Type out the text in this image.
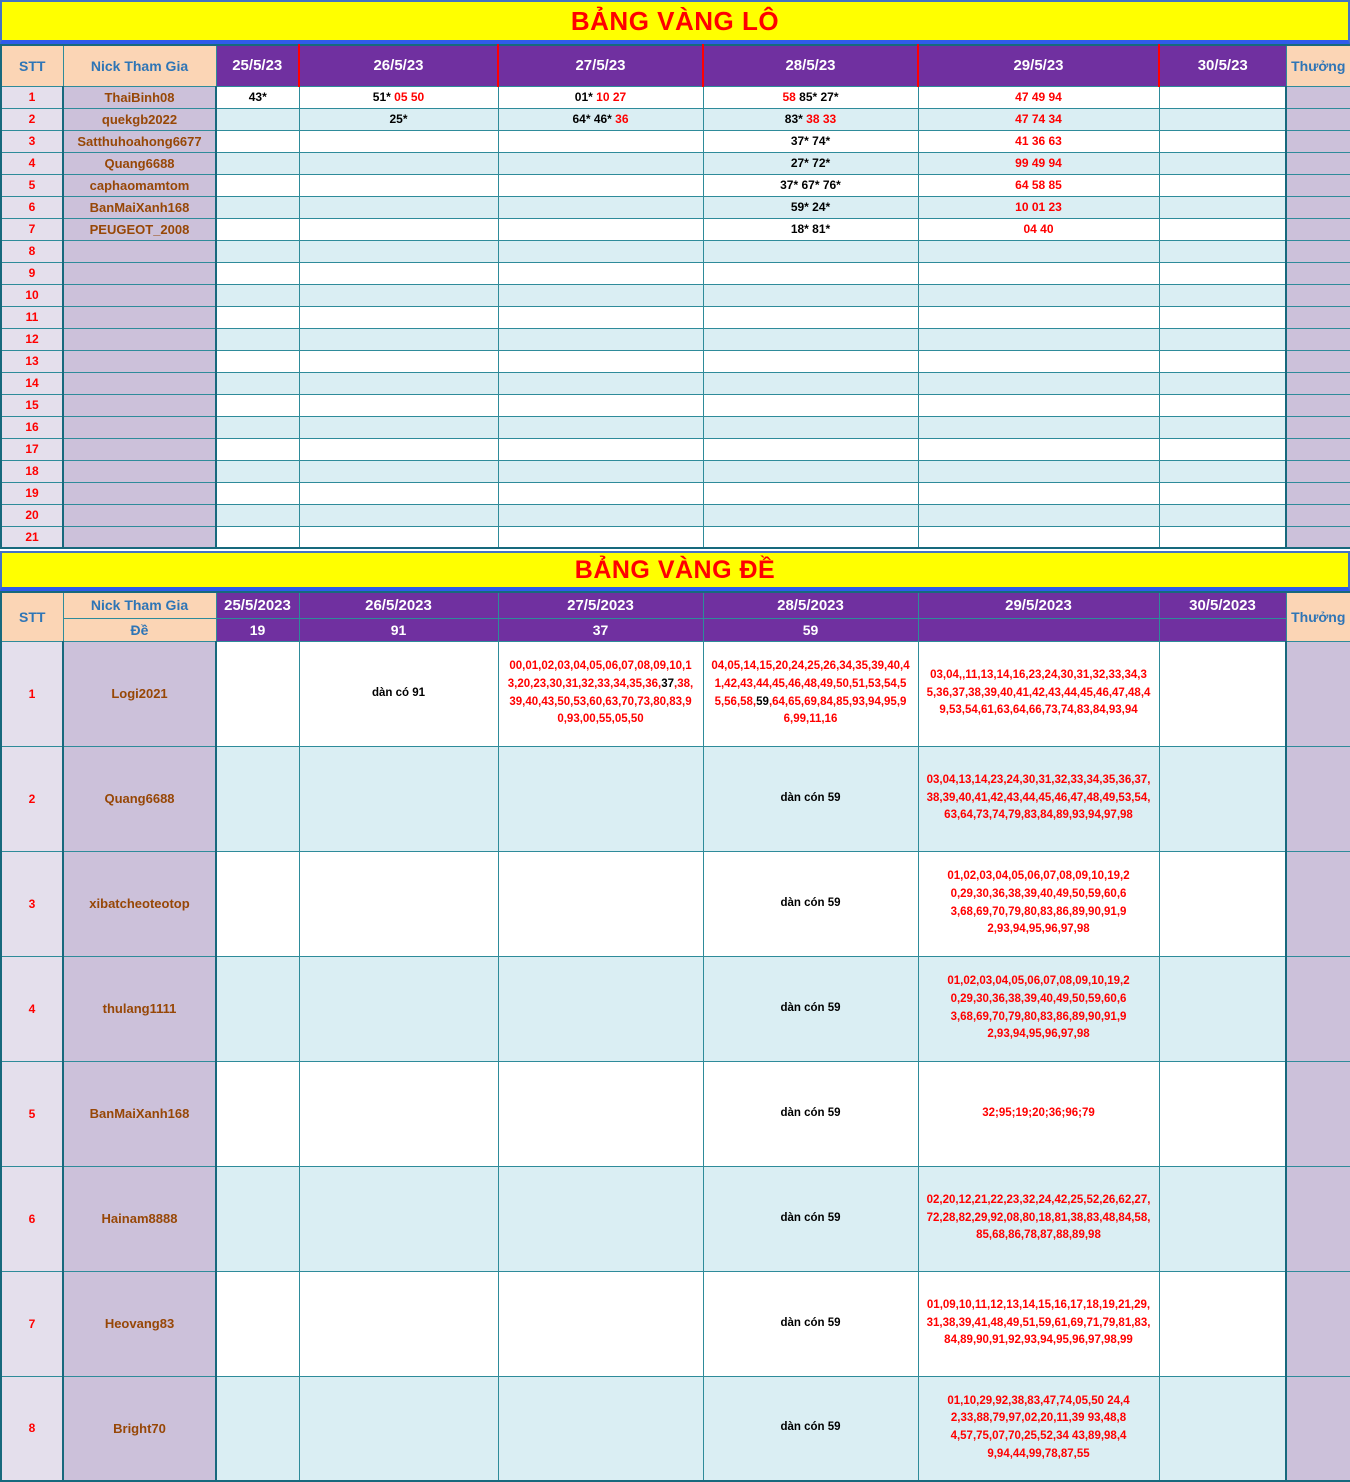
BẢNG VÀNG LÔ
STT	Nick Tham Gia	25/5/23	26/5/23	27/5/23	28/5/23	29/5/23	30/5/23	Thưởng
1	ThaiBinh08	43*	51* 05 50	01* 10 27	58 85* 27*	47 49 94		
2	quekgb2022		25*	64* 46* 36	83* 38 33	47 74 34		
3	Satthuhoahong6677				37* 74*	41 36 63		
4	Quang6688				27* 72*	99 49 94		
5	caphaomamtom				37* 67* 76*	64 58 85		
6	BanMaiXanh168				59* 24*	10 01 23		
7	PEUGEOT_2008				18* 81*	04 40		
8								
9								
10								
11								
12								
13								
14								
15								
16								
17								
18								
19								
20								
21								
BẢNG VÀNG ĐỀ
STT	Nick Tham Gia	25/5/2023	26/5/2023	27/5/2023	28/5/2023	29/5/2023	30/5/2023	Thưởng
	Đề	19	91	37	59			
1	Logi2021		dàn có 91	00,01,02,03,04,05,06,07,08,09,10,13,20,23,30,31,32,33,34,35,36,37,38,39,40,43,50,53,60,63,70,73,80,83,90,93,00,55,05,50	04,05,14,15,20,24,25,26,34,35,39,40,41,42,43,44,45,46,48,49,50,51,53,54,55,56,58,59,64,65,69,84,85,93,94,95,96,99,11,16	03,04,,11,13,14,16,23,24,30,31,32,33,34,35,36,37,38,39,40,41,42,43,44,45,46,47,48,49,53,54,61,63,64,66,73,74,83,84,93,94		
2	Quang6688				dàn cón 59	03,04,13,14,23,24,30,31,32,33,34,35,36,37,38,39,40,41,42,43,44,45,46,47,48,49,53,54,63,64,73,74,79,83,84,89,93,94,97,98		
3	xibatcheoteotop				dàn cón 59	01,02,03,04,05,06,07,08,09,10,19,20,29,30,36,38,39,40,49,50,59,60,63,68,69,70,79,80,83,86,89,90,91,92,93,94,95,96,97,98		
4	thulang1111				dàn cón 59	01,02,03,04,05,06,07,08,09,10,19,20,29,30,36,38,39,40,49,50,59,60,63,68,69,70,79,80,83,86,89,90,91,92,93,94,95,96,97,98		
5	BanMaiXanh168				dàn cón 59	32;95;19;20;36;96;79		
6	Hainam8888				dàn cón 59	02,20,12,21,22,23,32,24,42,25,52,26,62,27,72,28,82,29,92,08,80,18,81,38,83,48,84,58,85,68,86,78,87,88,89,98		
7	Heovang83				dàn cón 59	01,09,10,11,12,13,14,15,16,17,18,19,21,29,31,38,39,41,48,49,51,59,61,69,71,79,81,83,84,89,90,91,92,93,94,95,96,97,98,99		
8	Bright70				dàn cón 59	01,10,29,92,38,83,47,74,05,50 24,42,33,88,79,97,02,20,11,39 93,48,84,57,75,07,70,25,52,34 43,89,98,49,94,44,99,78,87,55		
